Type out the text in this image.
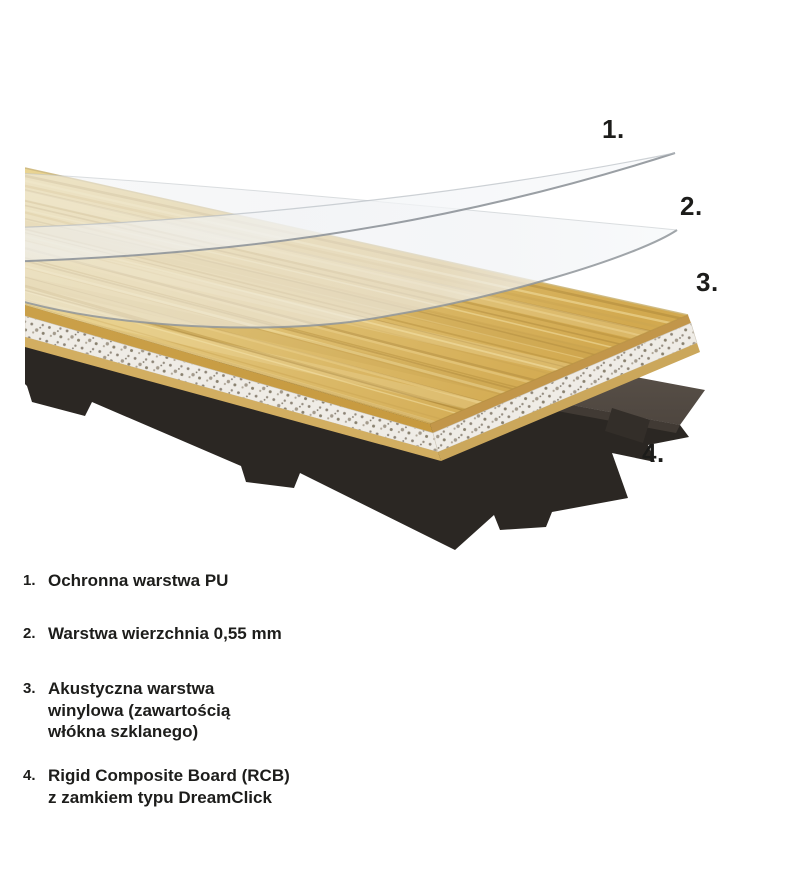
1.
2.
3.
4.
1. Ochronna warstwa PU
2. Warstwa wierzchnia 0,55 mm
3. Akustyczna warstwa
winylowa (zawartością
włókna szklanego)
4. Rigid Composite Board (RCB)
z zamkiem typu DreamClick
